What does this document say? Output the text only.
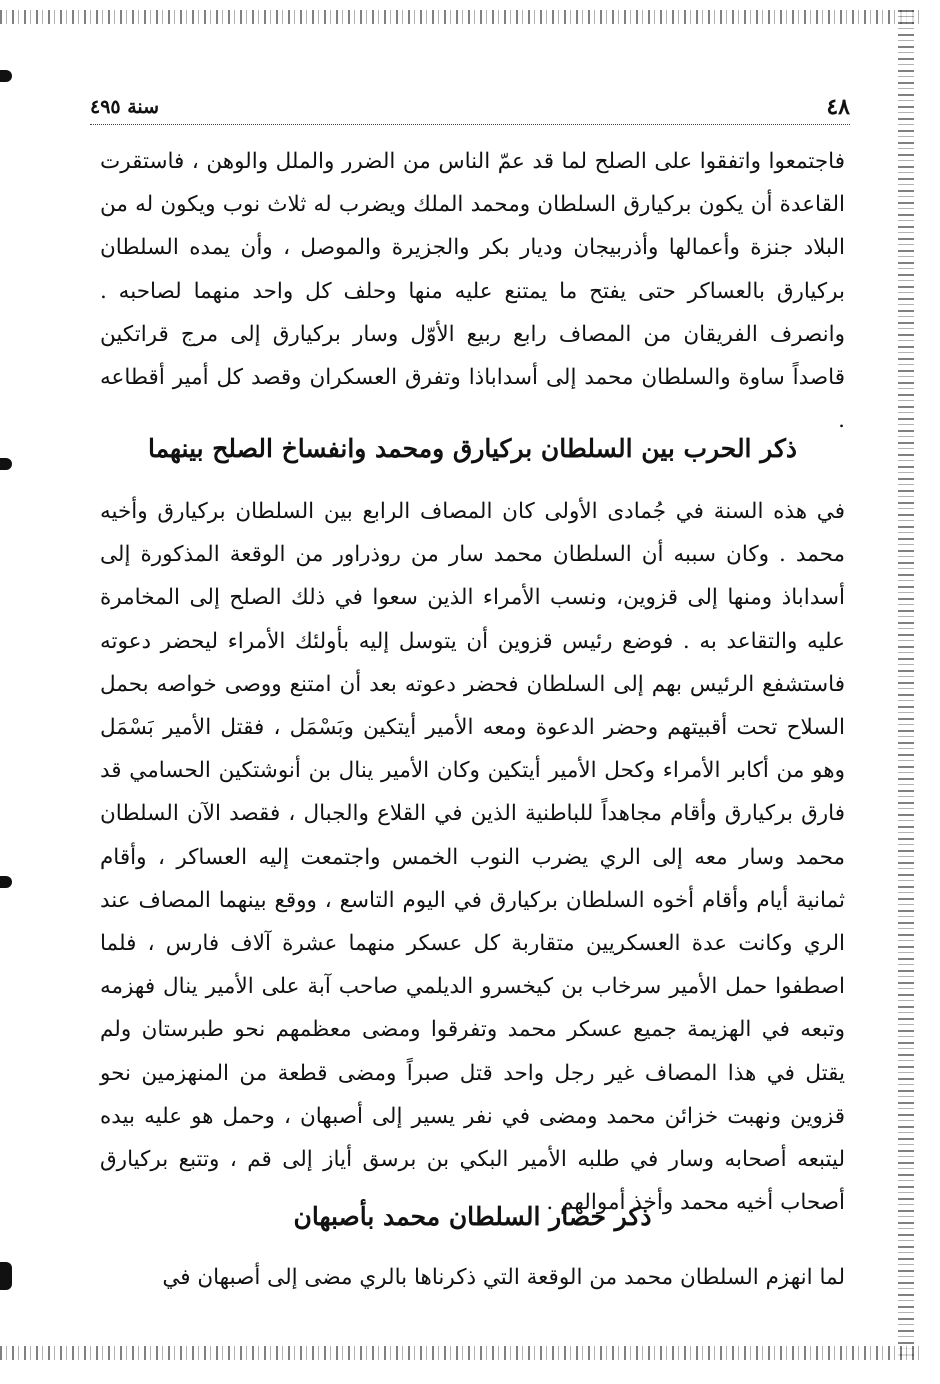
٤٨
سنة ٤٩٥
فاجتمعوا واتفقوا على الصلح لما قد عمّ الناس من الضرر والملل والوهن ، فاستقرت القاعدة أن يكون بركيارق السلطان ومحمد الملك ويضرب له ثلاث نوب ويكون له من البلاد جنزة وأعمالها وأذربيجان وديار بكر والجزيرة والموصل ، وأن يمده السلطان بركيارق بالعساكر حتى يفتح ما يمتنع عليه منها وحلف كل واحد منهما لصاحبه . وانصرف الفريقان من المصاف رابع ربيع الأوّل وسار بركيارق إلى مرج قراتكين قاصداً ساوة والسلطان محمد إلى أسداباذا وتفرق العسكران وقصد كل أمير أقطاعه .
ذكر الحرب بين السلطان بركيارق ومحمد وانفساخ الصلح بينهما
في هذه السنة في جُمادى الأولى كان المصاف الرابع بين السلطان بركيارق وأخيه محمد . وكان سببه أن السلطان محمد سار من روذراور من الوقعة المذكورة إلى أسداباذ ومنها إلى قزوين، ونسب الأمراء الذين سعوا في ذلك الصلح إلى المخامرة عليه والتقاعد به . فوضع رئيس قزوين أن يتوسل إليه بأولئك الأمراء ليحضر دعوته فاستشفع الرئيس بهم إلى السلطان فحضر دعوته بعد أن امتنع ووصى خواصه بحمل السلاح تحت أقبيتهم وحضر الدعوة ومعه الأمير أيتكين وبَسْمَل ، فقتل الأمير بَسْمَل وهو من أكابر الأمراء وكحل الأمير أيتكين وكان الأمير ينال بن أنوشتكين الحسامي قد فارق بركيارق وأقام مجاهداً للباطنية الذين في القلاع والجبال ، فقصد الآن السلطان محمد وسار معه إلى الري يضرب النوب الخمس واجتمعت إليه العساكر ، وأقام ثمانية أيام وأقام أخوه السلطان بركيارق في اليوم التاسع ، ووقع بينهما المصاف عند الري وكانت عدة العسكريين متقاربة كل عسكر منهما عشرة آلاف فارس ، فلما اصطفوا حمل الأمير سرخاب بن كيخسرو الديلمي صاحب آبة على الأمير ينال فهزمه وتبعه في الهزيمة جميع عسكر محمد وتفرقوا ومضى معظمهم نحو طبرستان ولم يقتل في هذا المصاف غير رجل واحد قتل صبراً ومضى قطعة من المنهزمين نحو قزوين ونهبت خزائن محمد ومضى في نفر يسير إلى أصبهان ، وحمل هو عليه بيده ليتبعه أصحابه وسار في طلبه الأمير البكي بن برسق أياز إلى قم ، وتتبع بركيارق أصحاب أخيه محمد وأخذ أموالهم .
ذكر حصار السلطان محمد بأصبهان
لما انهزم السلطان محمد من الوقعة التي ذكرناها بالري مضى إلى أصبهان في
